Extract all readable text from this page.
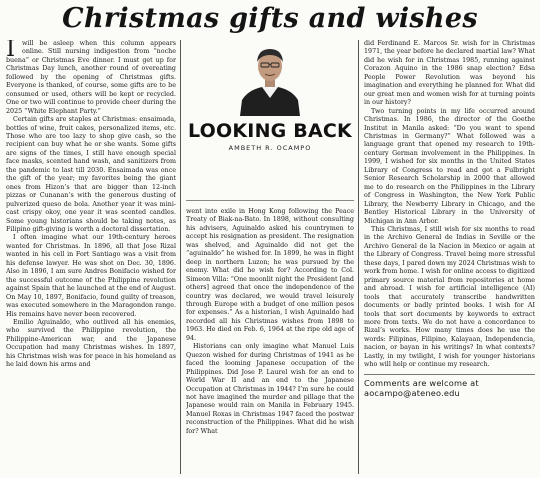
Christmas gifts and wishes

I	will be asleep when this column appears online. Still nursing indigestion from “noche buena” or Christmas Eve dinner. I must get up for Christmas Day lunch, another round of overeating followed by the opening of Christmas gifts. Everyone is thanked, of course, some gifts are to be consumed or used, others will be kept or recycled. One or two will continue to provide cheer during the 2025 “White Elephant Party.”

Certain gifts are staples at Christmas: ensaimada, bottles of wine, fruit cakes, personalized items, etc. Those who are too lazy to shop give cash, so the recipient can buy what he or she wants. Some gifts are signs of the times, I still have enough special face masks, scented hand wash, and sanitizers from the pandemic to last till 2030. Ensaimada was once the gift of the year; my favorites being the giant ones from Hizon’s that are bigger than 12-inch pizzas or Cunanan’s with the generous dusting of pulverized queso de bola. Another year it was mini-cast crispy okoy, one year it was scented candles. Some young historians should be taking notes, as Filipino gift-giving is worth a doctoral dissertation.

I often imagine what our 19th-century heroes wanted for Christmas. In 1896, all that Jose Rizal wanted in his cell in Fort Santiago was a visit from his defense lawyer. He was shot on Dec. 30, 1896. Also in 1896, I am sure Andres Bonifacio wished for the successful outcome of the Philippine revolution against Spain that he launched at the end of August. On May 10, 1897, Bonifacio, found guilty of treason, was executed somewhere in the Maragondon range. His remains have never been recovered.

Emilio Aguinaldo, who outlived all his enemies, who survived the Philippine revolution, the Philippine-American war, and the Japanese Occupation had many Christmas wishes. In 1897, his Christmas wish was for peace in his homeland as he laid down his arms and

LOOKING BACK
AMBETH R. OCAMPO

went into exile in Hong Kong following the Peace Treaty of Biak-na-Bato. In 1898, without consulting his advisers, Aguinaldo asked his countrymen to accept his resignation as president. The resignation was shelved, and Aguinaldo did not get the “aguinaldo” he wished for. In 1899, he was in flight deep in northern Luzon; he was pursued by the enemy. What did he wish for? According to Col. Simeon Villa: “One moonlit night the President [and others] agreed that once the independence of the country was declared, we would travel leisurely through Europe with a budget of one million pesos for expenses.” As a historian, I wish Aguinaldo had recorded all his Christmas wishes from 1898 to 1963. He died on Feb. 6, 1964 at the ripe old age of 94.

Historians can only imagine what Manuel Luis Quezon wished for during Christmas of 1941 as he faced the looming Japanese occupation of the Philippines. Did Jose P. Laurel wish for an end to World War II and an end to the Japanese Occupation at Christmas in 1944? I’m sure he could not have imagined the murder and pillage that the Japanese would rain on Manila in February 1945. Manuel Roxas in Christmas 1947 faced the postwar reconstruction of the Philippines. What did he wish for? What

did Ferdinand E. Marcos Sr. wish for in Christmas 1971, the year before he declared martial law? What did he wish for in Christmas 1985, running against Corazon Aquino in the 1986 snap election? Edsa People Power Revolution was beyond his imagination and everything he planned for. What did our great men and women wish for at turning points in our history?

Two turning points in my life occurred around Christmas. In 1986, the director of the Goethe Institut in Manila asked: “Do you want to spend Christmas in Germany?” What followed was a language grant that opened my research to 19th-century German involvement in the Philippines. In 1999, I wished for six months in the United States Library of Congress to read and got a Fulbright Senior Research Scholarship in 2000 that allowed me to do research on the Philippines in the Library of Congress in Washington, the New York Public Library, the Newberry Library in Chicago, and the Bentley Historical Library in the University of Michigan in Ann Arbor.

This Christmas, I still wish for six months to read in the Archivo General de Indias in Seville or the Archivo General de la Nacion in Mexico or again at the Library of Congress. Travel being more stressful these days, I pared down my 2024 Christmas wish to work from home. I wish for online access to digitized primary source material from repositories at home and abroad. I wish for artificial intelligence (AI) tools that accurately transcribe handwritten documents or badly printed books. I wish for AI tools that sort documents by keywords to extract more from texts. We do not have a concordance to Rizal’s works. How many times does he use the words: Filipinas, Filipino, Kalayaan, Independencia, nacion, or bayan in his writings? In what contexts? Lastly, in my twilight, I wish for younger historians who will help or continue my research.

Comments are welcome at aocampo@ateneo.edu
